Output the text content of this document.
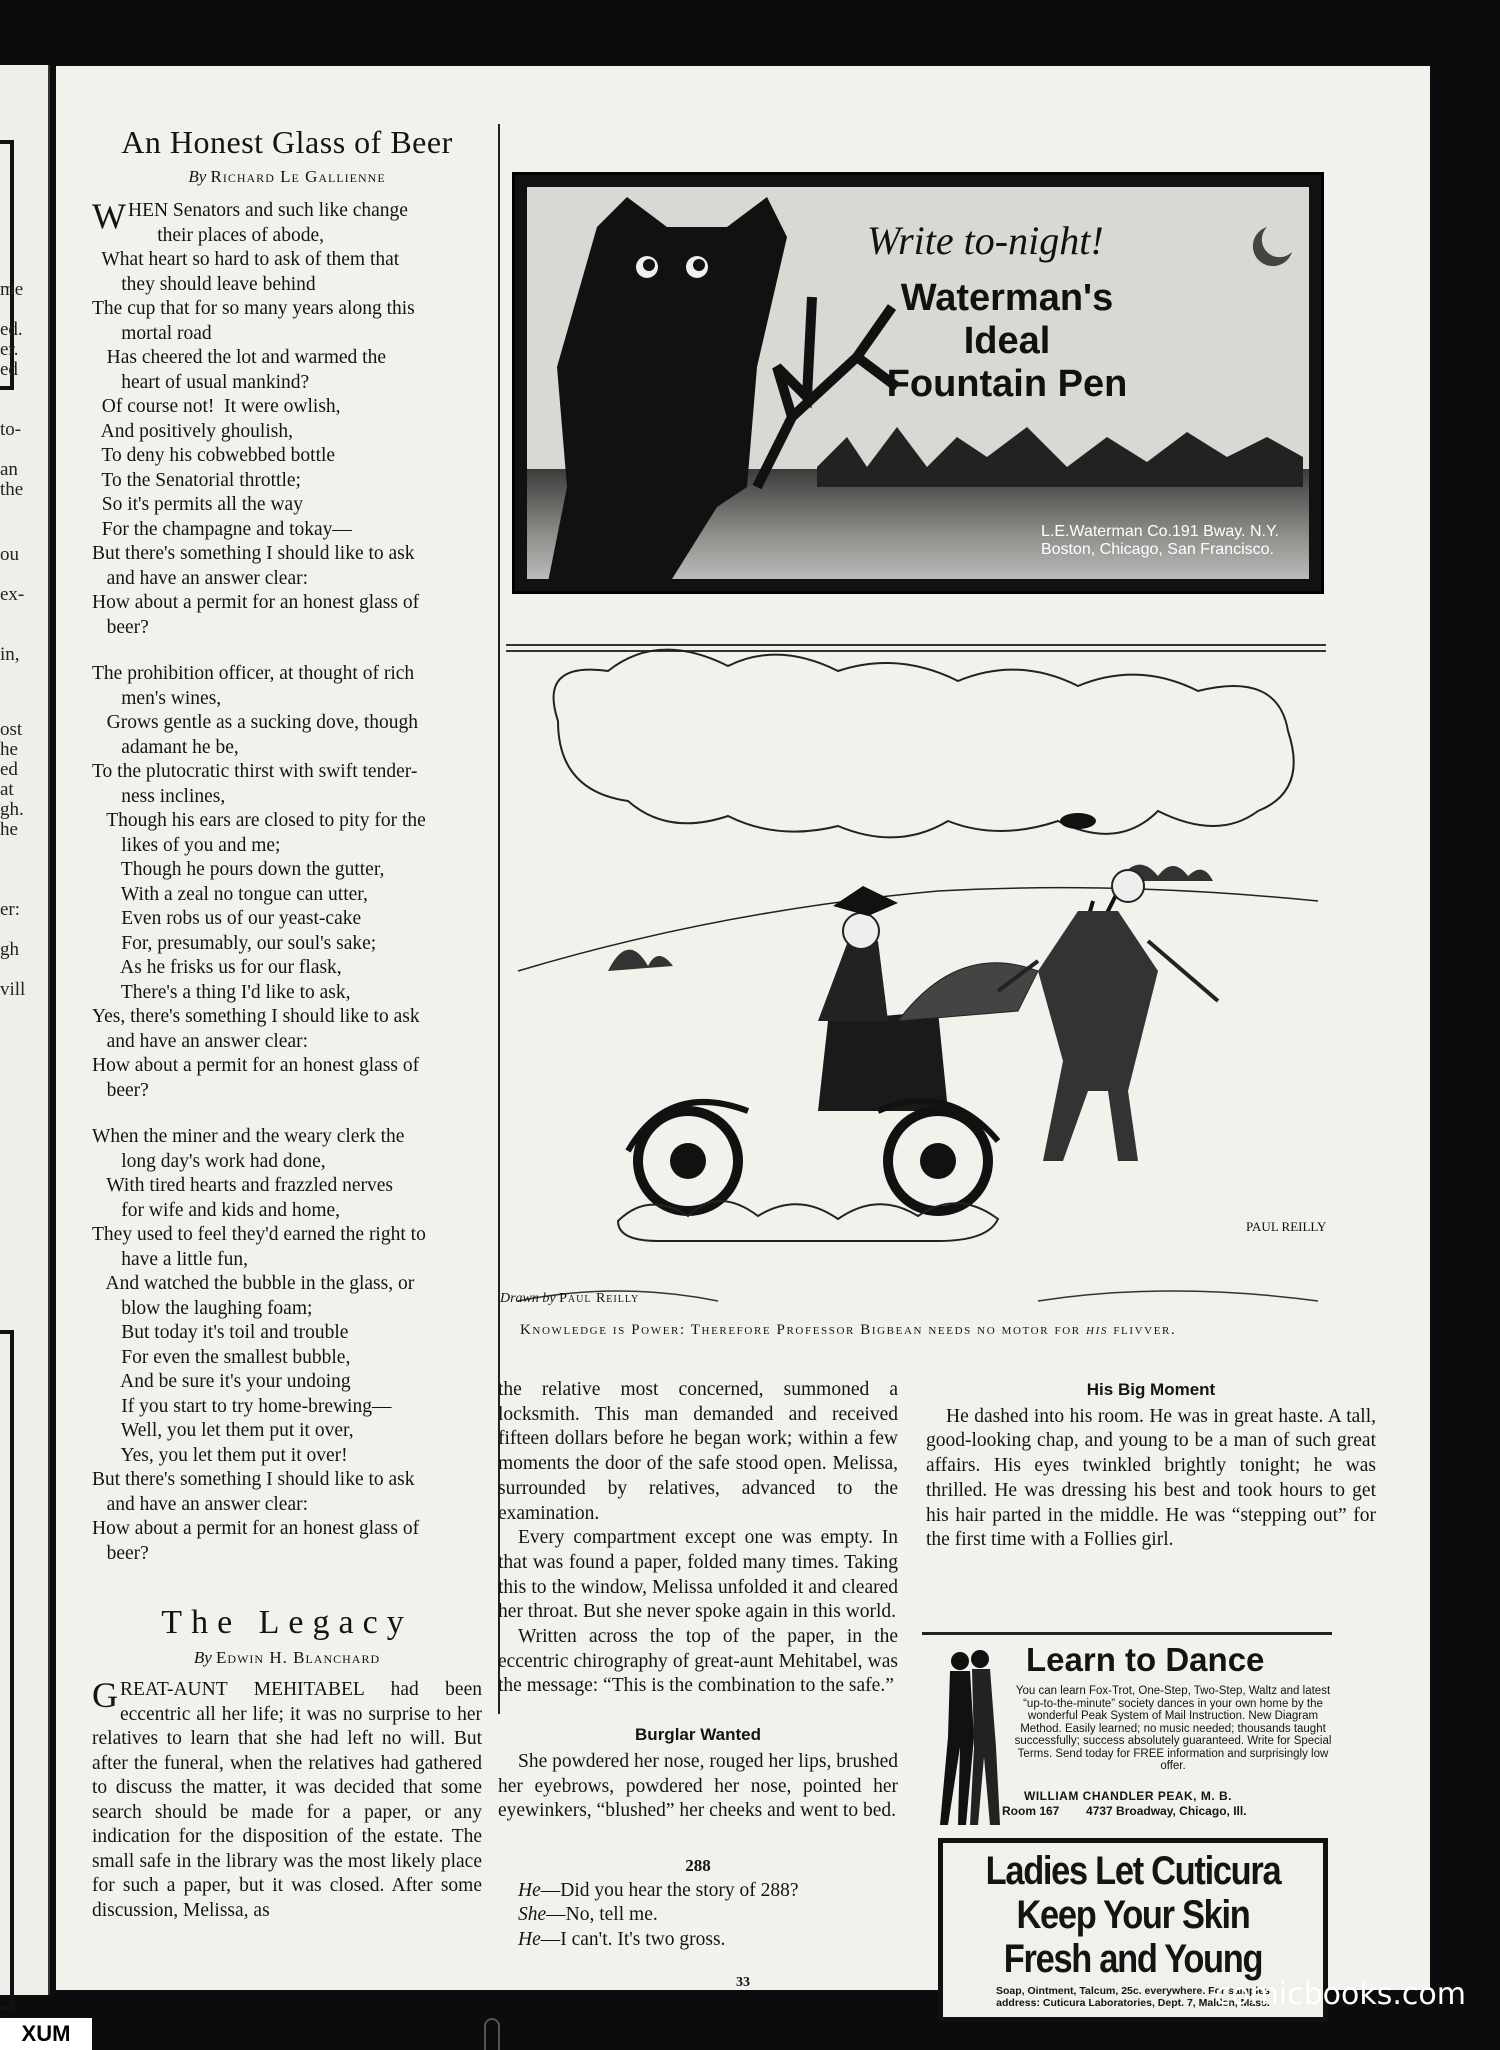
me
ed.
er.
ed
to-
an
the
ou
ex-
in,
ost
he
ed
at
gh.
he
er:
gh
vill
An Honest Glass of Beer
By Richard Le Gallienne
W HEN Senators and such like change

their places of abode,

What heart so hard to ask of them that

they should leave behind

The cup that for so many years along this

mortal road

Has cheered the lot and warmed the

heart of usual mankind?

Of course not!  It were owlish,

And positively ghoulish,

To deny his cobwebbed bottle

To the Senatorial throttle;

So it's permits all the way

For the champagne and tokay—

But there's something I should like to ask

and have an answer clear:

How about a permit for an honest glass of

beer?

The prohibition officer, at thought of rich

men's wines,

Grows gentle as a sucking dove, though

adamant he be,

To the plutocratic thirst with swift tender-

ness inclines,

Though his ears are closed to pity for the

likes of you and me;

Though he pours down the gutter,

With a zeal no tongue can utter,

Even robs us of our yeast-cake

For, presumably, our soul's sake;

As he frisks us for our flask,

There's a thing I'd like to ask,

Yes, there's something I should like to ask

and have an answer clear:

How about a permit for an honest glass of

beer?

When the miner and the weary clerk the

long day's work had done,

With tired hearts and frazzled nerves

for wife and kids and home,

They used to feel they'd earned the right to

have a little fun,

And watched the bubble in the glass, or

blow the laughing foam;

But today it's toil and trouble

For even the smallest bubble,

And be sure it's your undoing

If you start to try home-brewing—

Well, you let them put it over,

Yes, you let them put it over!

But there's something I should like to ask

and have an answer clear:

How about a permit for an honest glass of

beer?

The Legacy
By Edwin H. Blanchard
GREAT-AUNT MEHITABEL had been eccentric all her life; it was no surprise to her relatives to learn that she had left no will. But after the funeral, when the relatives had gathered to discuss the matter, it was decided that some search should be made for a paper, or any indication for the disposition of the estate. The small safe in the library was the most likely place for such a paper, but it was closed. After some discussion, Melissa, as
Write to-night!
Waterman's
Ideal
Fountain Pen
L.E.Waterman Co.191 Bway. N.Y.
Boston, Chicago, San Francisco.
PAUL REILLY
Drawn by Paul Reilly
Knowledge is Power: Therefore Professor Bigbean needs no motor for his flivver.

the relative most concerned, summoned a locksmith. This man demanded and received fifteen dollars before he began work; within a few moments the door of the safe stood open. Melissa, surrounded by relatives, advanced to the examination.

Every compartment except one was empty. In that was found a paper, folded many times. Taking this to the window, Melissa unfolded it and cleared her throat. But she never spoke again in this world.

Written across the top of the paper, in the eccentric chirography of great-aunt Mehitabel, was the message: “This is the combination to the safe.”

Burglar Wanted

She powdered her nose, rouged her lips, brushed her eyebrows, powdered her nose, pointed her eyewinkers, “blushed” her cheeks and went to bed.

288

He—Did you hear the story of 288?

She—No, tell me.

He—I can't. It's two gross.

His Big Moment

He dashed into his room. He was in great haste. A tall, good-looking chap, and young to be a man of such great affairs. His eyes twinkled brightly tonight; he was thrilled. He was dressing his best and took hours to get his hair parted in the middle. He was “stepping out” for the first time with a Follies girl.

Learn to Dance
You can learn Fox-Trot, One-Step, Two-Step, Waltz and latest “up-to-the-minute” society dances in your own home by the wonderful Peak System of Mail Instruction. New Diagram Method. Easily learned; no music needed; thousands taught successfully; success absolutely guaranteed. Write for Special Terms. Send today for FREE information and surprisingly low offer.
WILLIAM CHANDLER PEAK, M. B.
Room 167        4737 Broadway, Chicago, Ill.
Ladies Let Cuticura
Keep Your Skin
Fresh and Young
Soap, Ointment, Talcum, 25c. everywhere. For samples
address: Cuticura Laboratories, Dept. 7, Malden, Mass.
33	comicbooks.com
XUM
